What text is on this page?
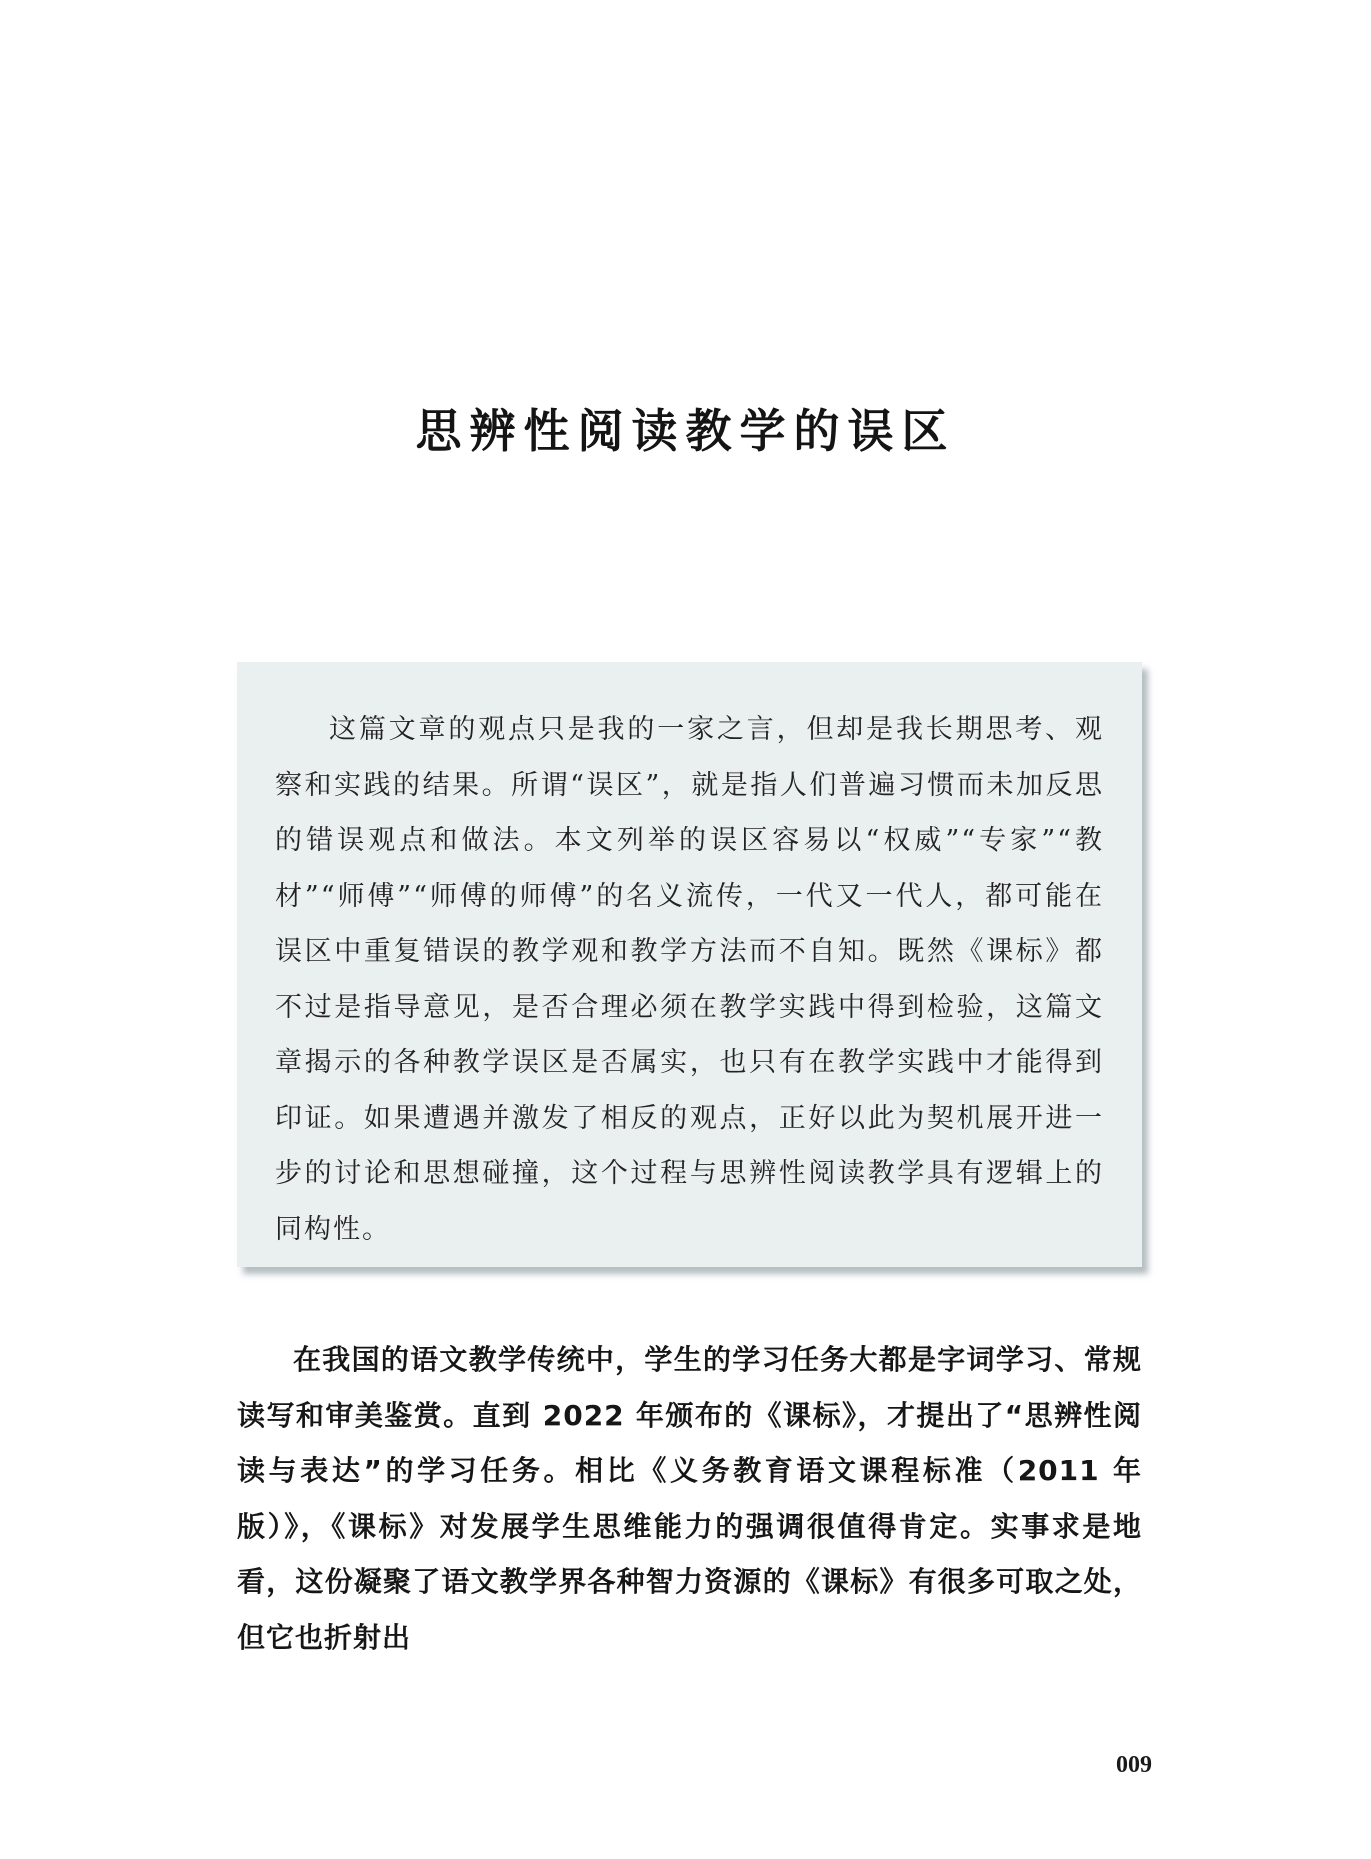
思辨性阅读教学的误区

这篇文章的观点只是我的一家之言，但却是我长期思考、观察和实践的结果。所谓“误区”，就是指人们普遍习惯而未加反思的错误观点和做法。本文列举的误区容易以“权威”“专家”“教材”“师傅”“师傅的师傅”的名义流传，一代又一代人，都可能在误区中重复错误的教学观和教学方法而不自知。既然《课标》都不过是指导意见，是否合理必须在教学实践中得到检验，这篇文章揭示的各种教学误区是否属实，也只有在教学实践中才能得到印证。如果遭遇并激发了相反的观点，正好以此为契机展开进一步的讨论和思想碰撞，这个过程与思辨性阅读教学具有逻辑上的同构性。

在我国的语文教学传统中，学生的学习任务大都是字词学习、常规读写和审美鉴赏。直到 2022 年颁布的《课标》，才提出了“思辨性阅读与表达”的学习任务。相比《义务教育语文课程标准（2011 年版）》，《课标》对发展学生思维能力的强调很值得肯定。实事求是地看，这份凝聚了语文教学界各种智力资源的《课标》有很多可取之处，但它也折射出

009
